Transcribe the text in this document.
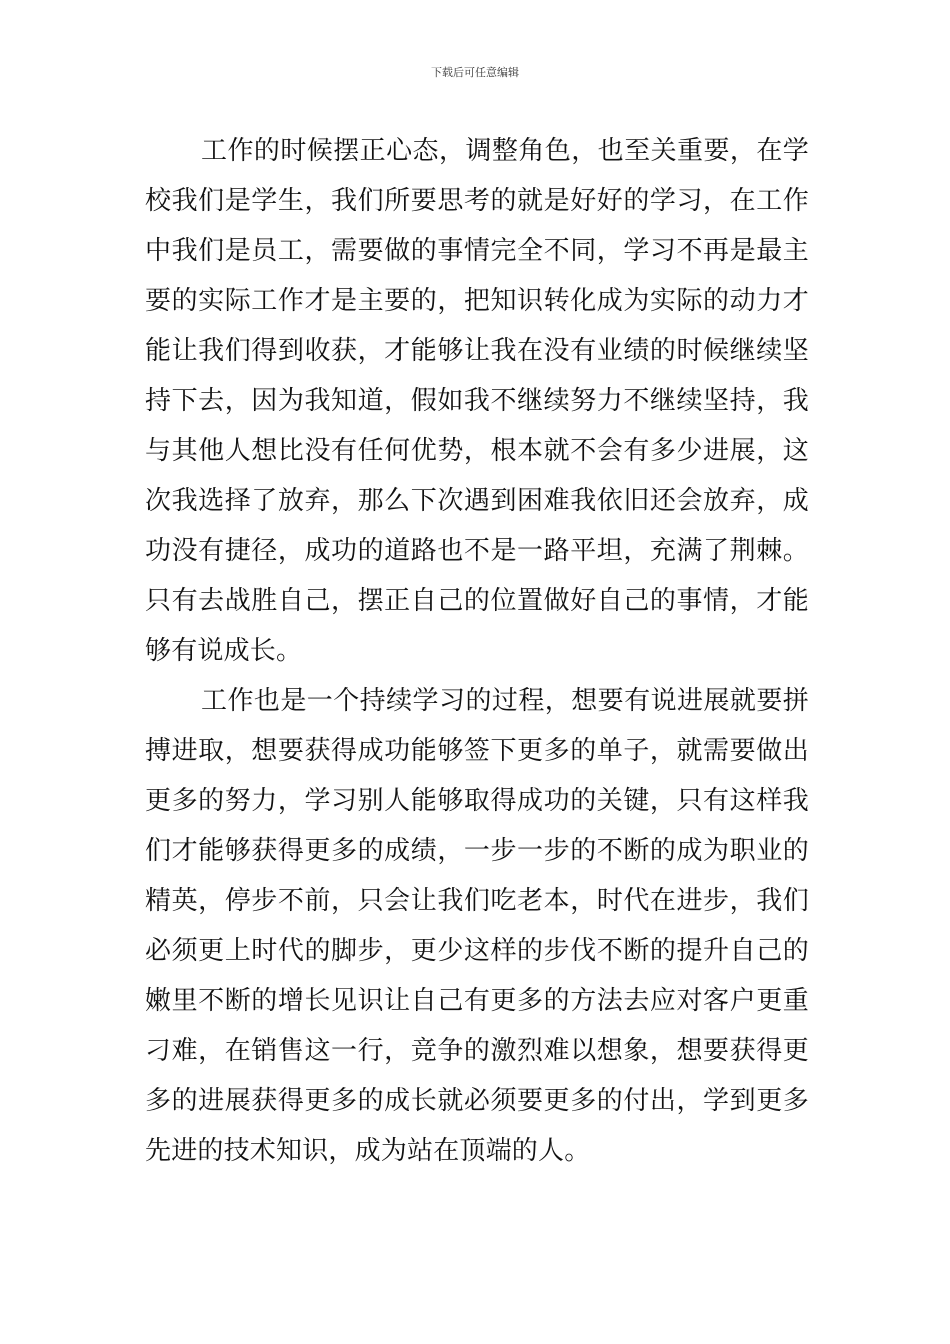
下载后可任意编辑
工作的时候摆正心态，调整角色，也至关重要，在学
校我们是学生，我们所要思考的就是好好的学习，在工作
中我们是员工，需要做的事情完全不同，学习不再是最主
要的实际工作才是主要的，把知识转化成为实际的动力才
能让我们得到收获，才能够让我在没有业绩的时候继续坚
持下去，因为我知道，假如我不继续努力不继续坚持，我
与其他人想比没有任何优势，根本就不会有多少进展，这
次我选择了放弃，那么下次遇到困难我依旧还会放弃，成
功没有捷径，成功的道路也不是一路平坦，充满了荆棘。
只有去战胜自己，摆正自己的位置做好自己的事情，才能
够有说成长。
工作也是一个持续学习的过程，想要有说进展就要拼
搏进取，想要获得成功能够签下更多的单子，就需要做出
更多的努力，学习别人能够取得成功的关键，只有这样我
们才能够获得更多的成绩，一步一步的不断的成为职业的
精英，停步不前，只会让我们吃老本，时代在进步，我们
必须更上时代的脚步，更少这样的步伐不断的提升自己的
嫩里不断的增长见识让自己有更多的方法去应对客户更重
刁难，在销售这一行，竞争的激烈难以想象，想要获得更
多的进展获得更多的成长就必须要更多的付出，学到更多
先进的技术知识，成为站在顶端的人。
